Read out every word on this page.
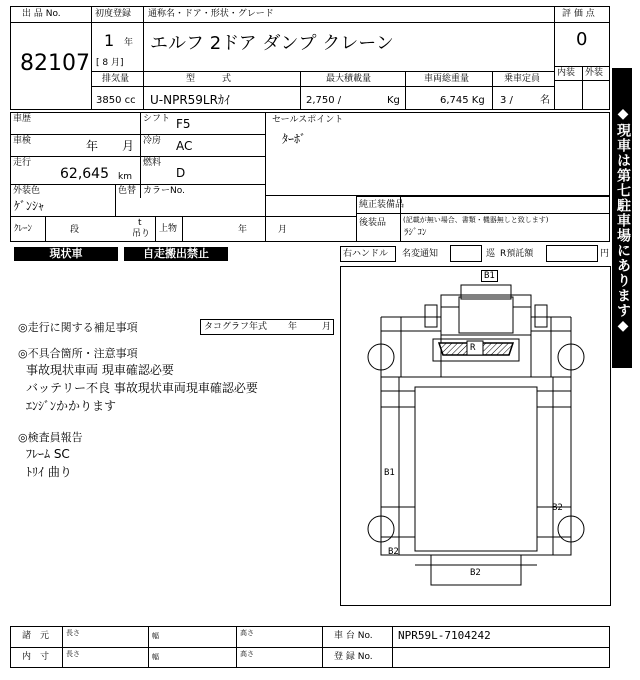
出 品 No.
82107
初度登録
1 年
[ 8 月]
通称名・ドア・形状・グレード
エルフ 2ドア ダンプ クレーン
評 価 点
0
内装 外装
排気量
3850 cc
型　　　式
U-NPR59LRｶｲ
最大積載量
2,750 /	Kg
車両総重量
6,745 Kg
乗車定員
3 /	名
車歴	シフト F5
車検	年 月 冷房 AC
走行
62,645 km
燃料
D
外装色
ｹﾞﾝｼｬ
色替 カラーNo.
ｸﾚｰﾝ	段
t
吊り 上物	年	月
セールスポイント
ﾀｰﾎﾞ
純正装備品
後装品 (記載が無い場合、書類・機器無しと致します)
ﾗｼﾞｺﾝ
現状車	自走搬出禁止	右ハンドル 名変通知	巡 R預託額	円 ◆現車は第七駐車場にあります◆
◎走行に関する補足事項	タコグラフ年式 年	月
◎不具合箇所・注意事項
事故現状車両 現車確認必要
バッテリー不良 事故現状車両現車確認必要
ｴﾝｼﾞﾝかかります
◎検査員報告
ﾌﾚｰﾑ SC
ﾄﾘｲ 曲り
B1
R
B1
B2
B2
B2
諸　元 長さ	幅	高さ
内　寸 長さ	幅	高さ
車 台 No. NPR59L-7104242
登 録 No.
